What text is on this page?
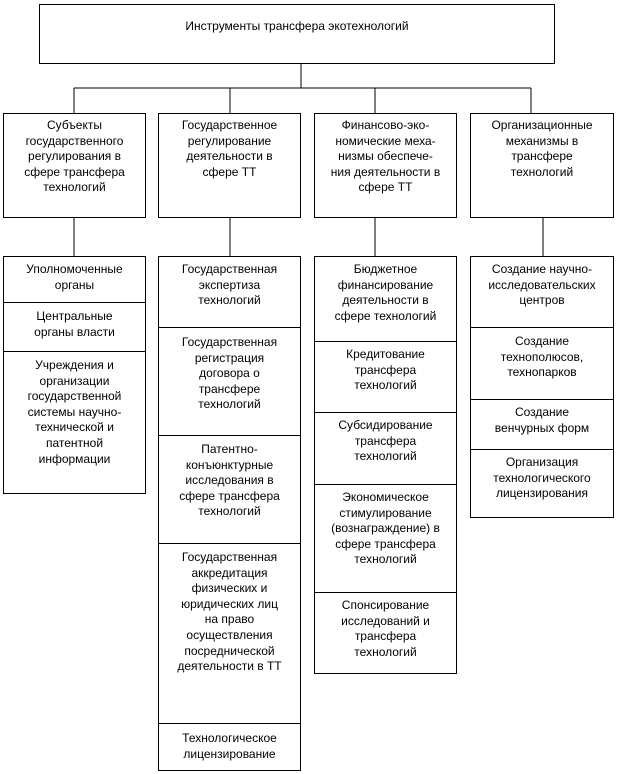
Инструменты трансфера экотехнологий
Субъекты
государственного
регулирования в
сфере трансфера
технологий
Государственное
регулирование
деятельности в
сфере ТТ
Финансово-эко-
номические меха-
низмы обеспече-
ния деятельности в
сфере ТТ
Организационные
механизмы в
трансфере
технологий
Уполномоченные
органы
Центральные
органы власти
Учреждения и
организации
государственной
системы научно-
технической и
патентной
информации
Государственная
экспертиза
технологий
Государственная
регистрация
договора о
трансфере
технологий
Патентно-
конъюнктурные
исследования в
сфере трансфера
технологий
Государственная
аккредитация
физических и
юридических лиц
на право
осуществления
посреднической
деятельности в ТТ
Технологическое
лицензирование
Бюджетное
финансирование
деятельности в
сфере технологий
Кредитование
трансфера
технологий
Субсидирование
трансфера
технологий
Экономическое
стимулирование
(вознаграждение) в
сфере трансфера
технологий
Спонсирование
исследований и
трансфера
технологий
Создание научно-
исследовательских
центров
Создание
технополюсов,
технопарков
Создание
венчурных форм
Организация
технологического
лицензирования
